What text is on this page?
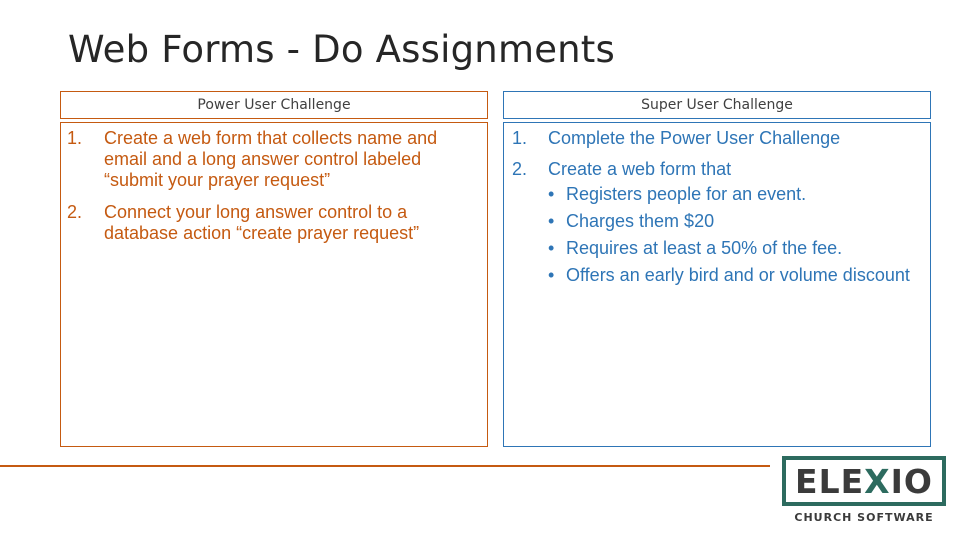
Web Forms - Do Assignments
Power User Challenge
1. Create a web form that collects name and email and a long answer control labeled “submit your prayer request”
2. Connect your long answer control to a database action “create prayer request”
Super User Challenge
1. Complete the Power User Challenge
2. Create a web form that
• Registers people for an event.
• Charges them $20
• Requires at least a 50% of the fee.
• Offers an early bird and or volume discount
ELEXIO
CHURCH SOFTWARE
